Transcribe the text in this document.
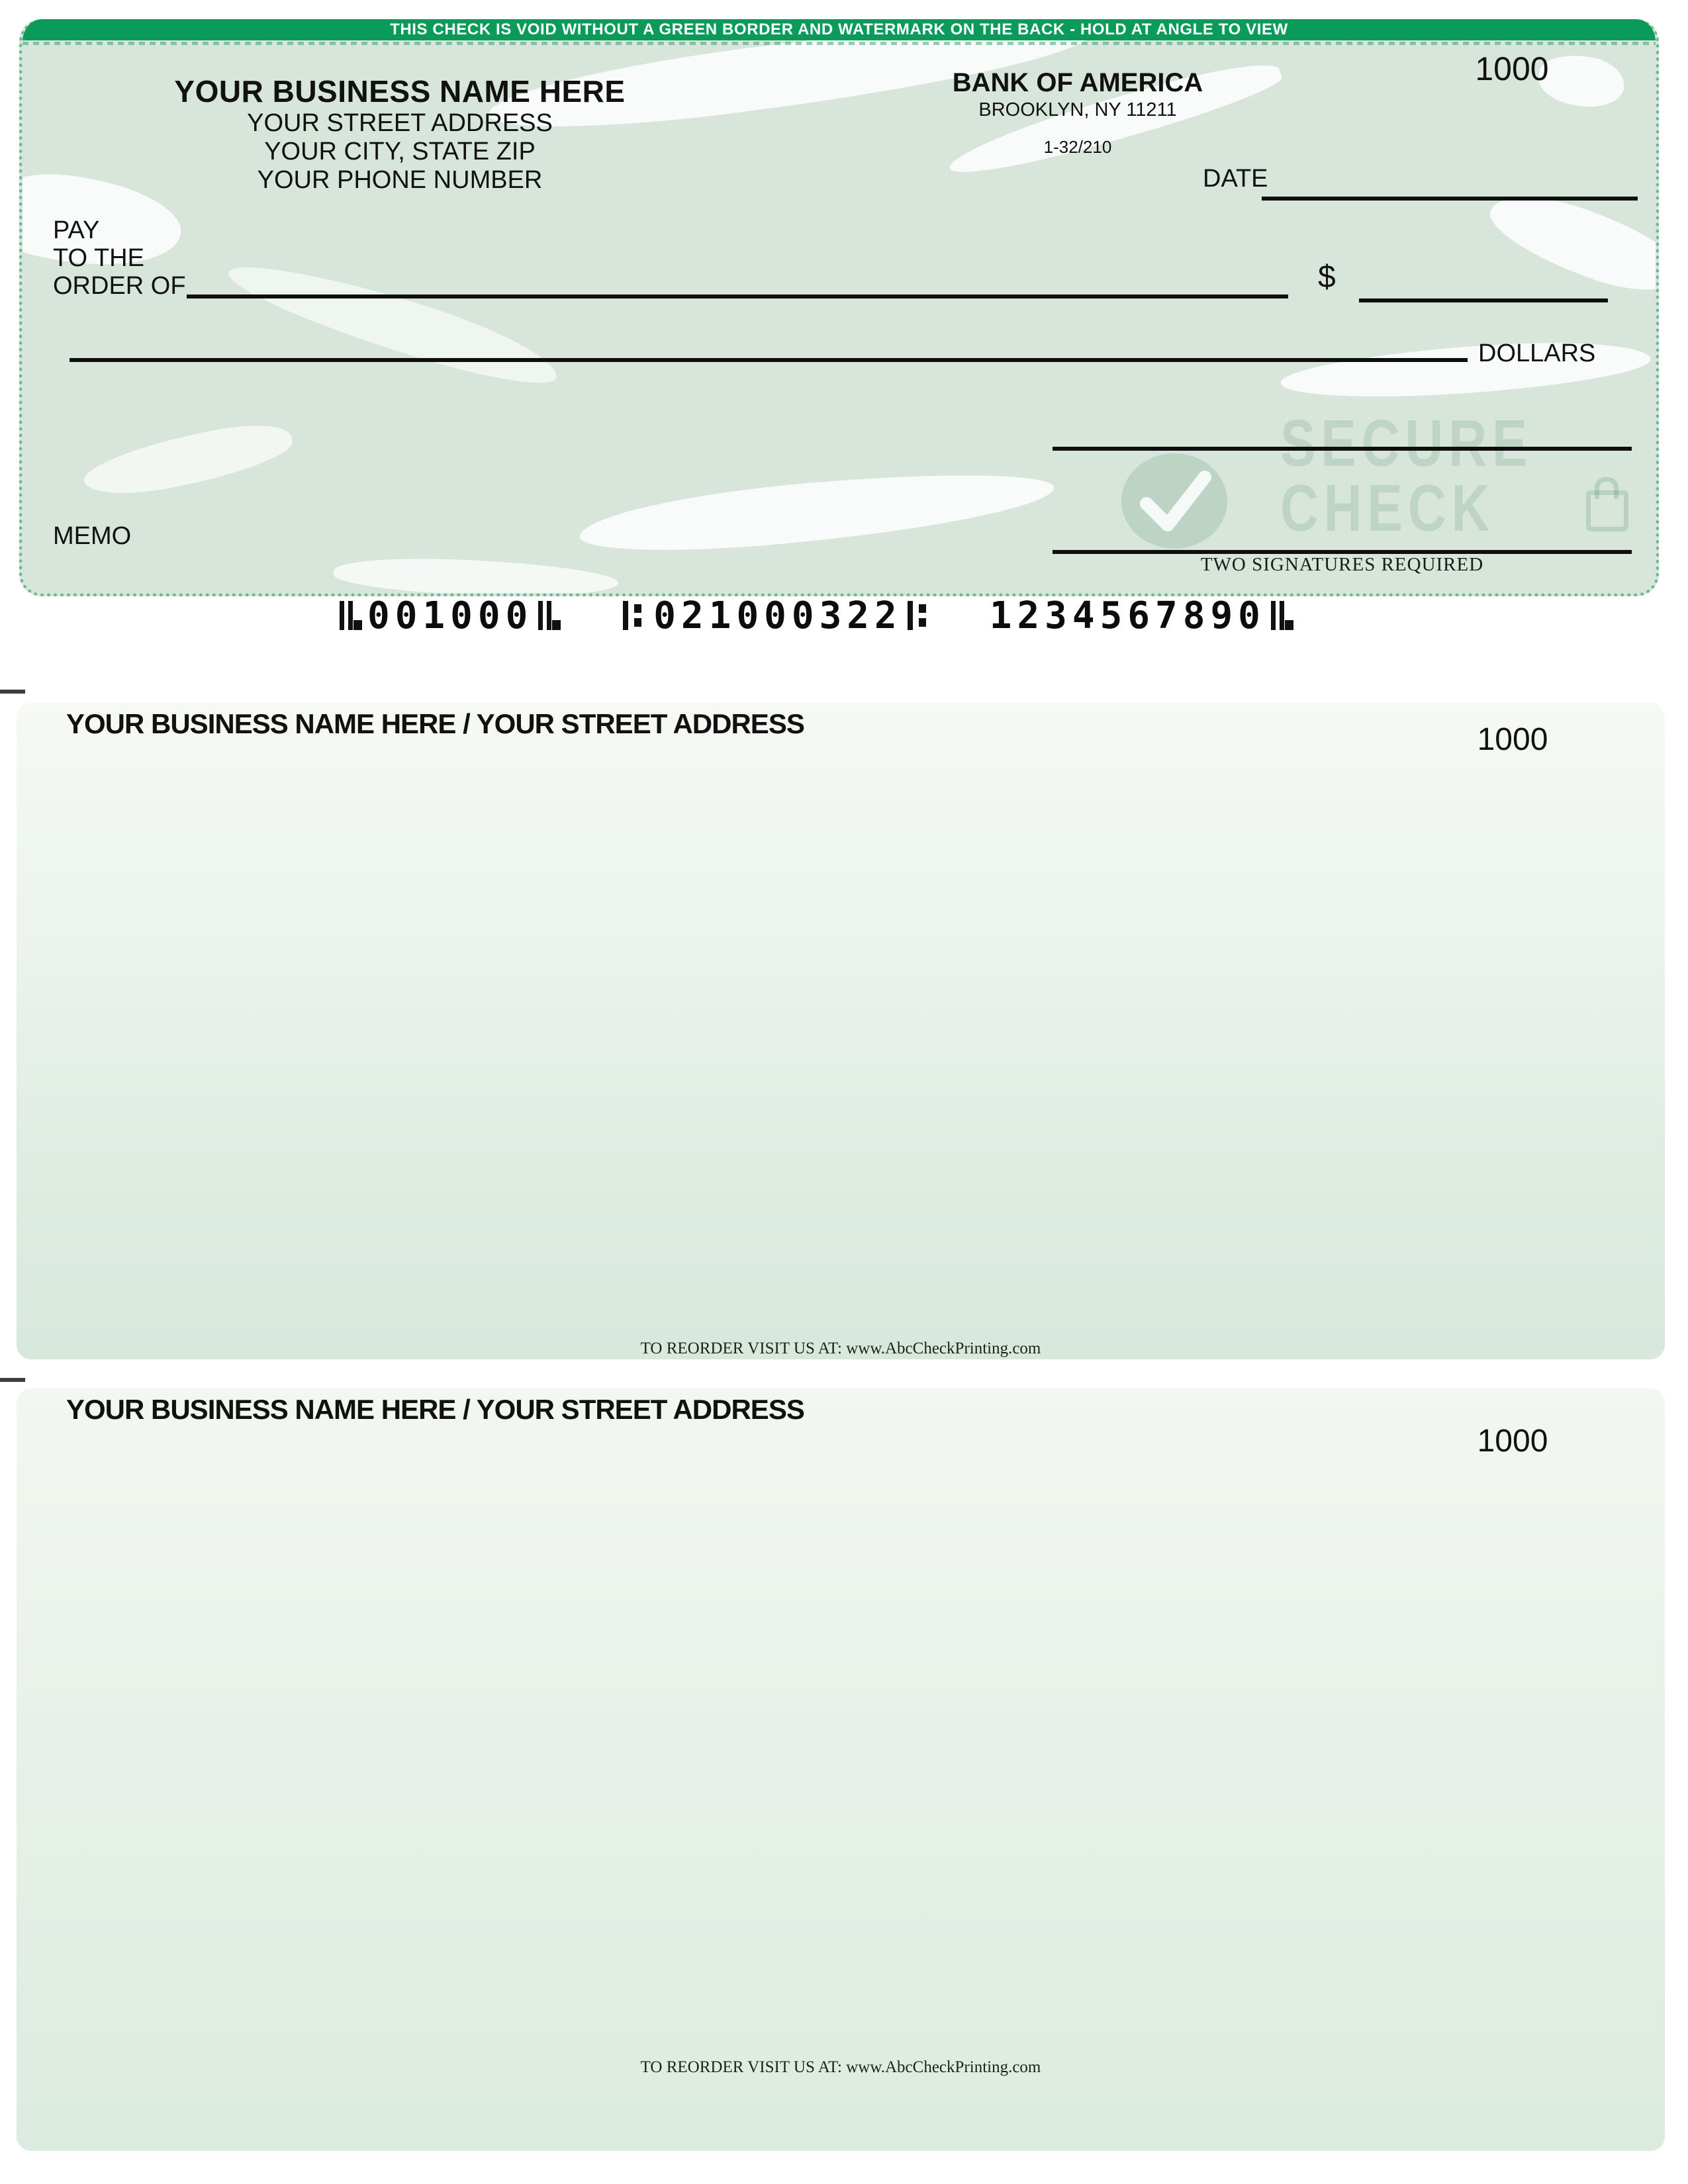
SECURE
CHECK
THIS CHECK IS VOID WITHOUT A GREEN BORDER AND WATERMARK ON THE BACK - HOLD AT ANGLE TO VIEW
YOUR BUSINESS NAME HERE
YOUR STREET ADDRESS
YOUR CITY, STATE ZIP
YOUR PHONE NUMBER
BANK OF AMERICA
BROOKLYN, NY 11211
1-32/210
1000
DATE
PAY
TO THE
ORDER OF	$
DOLLARS
TWO SIGNATURES REQUIRED
MEMO
001000	021000322 1234567890
YOUR BUSINESS NAME HERE / YOUR STREET ADDRESS	1000
TO REORDER VISIT US AT: www.AbcCheckPrinting.com
YOUR BUSINESS NAME HERE / YOUR STREET ADDRESS
1000
TO REORDER VISIT US AT: www.AbcCheckPrinting.com
